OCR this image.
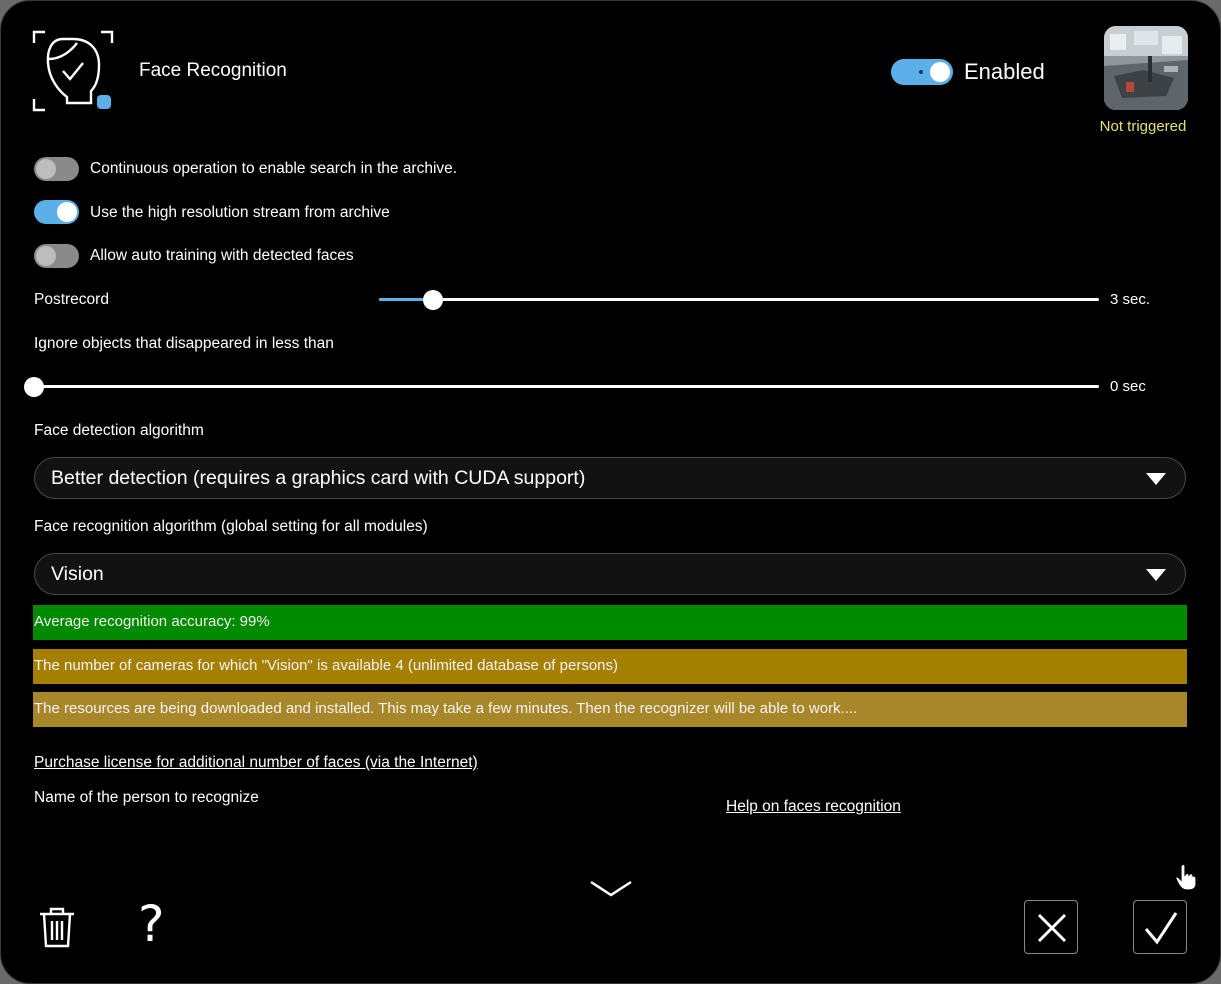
Face Recognition	Enabled
Not triggered
Continuous operation to enable search in the archive.
Use the high resolution stream from archive
Allow auto training with detected faces
Postrecord	3 sec.
Ignore objects that disappeared in less than
0 sec
Face detection algorithm
Better detection (requires a graphics card with CUDA support)
Face recognition algorithm (global setting for all modules)
Vision
Average recognition accuracy: 99%
The number of cameras for which "Vision" is available 4 (unlimited database of persons)
The resources are being downloaded and installed. This may take a few minutes. Then the recognizer will be able to work....
Purchase license for additional number of faces (via the Internet)
Name of the person to recognize
Help on faces recognition
?
